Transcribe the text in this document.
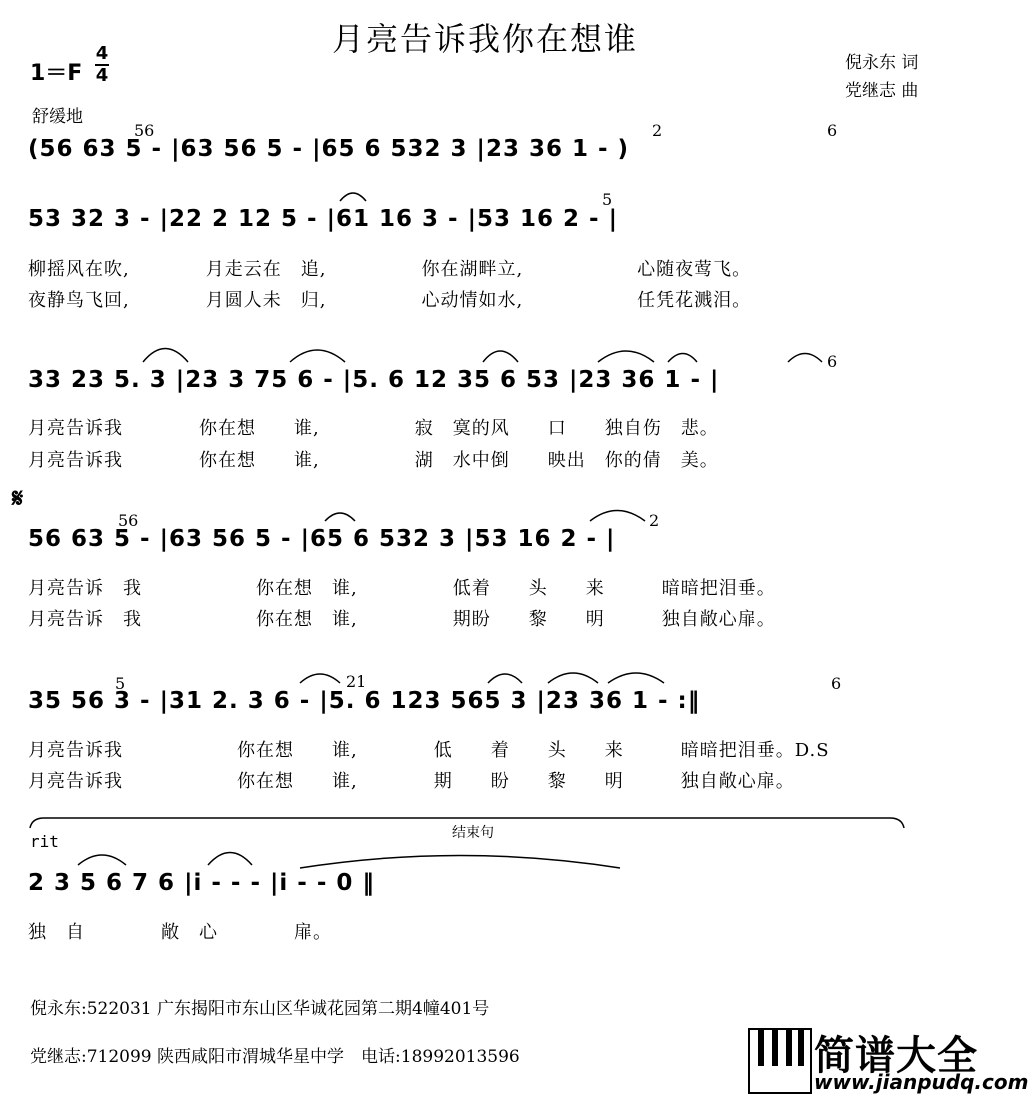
月亮告诉我你在想谁
倪永东 词
党继志 曲
1＝F
4
4
舒缓地
(56 63 5 - |63 56 5 - |65 6 532 3 |23 36 1 - )
53 32 3 - |22 2 12 5 - |61 16 3 - |53 16 2 - |
柳摇风在吹,　　　　月走云在　追,　　　　　你在湖畔立,　　　　　　心随夜莺飞。
夜静鸟飞回,　　　　月圆人未　归,　　　　　心动情如水,　　　　　　任凭花溅泪。
33 23 5. 3 |23 3 75 6 - |5. 6 12 35 6 53 |23 36 1 - |
月亮告诉我　　　　你在想　　谁,　　　　　寂　寞的风　　口　　独自伤　悲。
月亮告诉我　　　　你在想　　谁,　　　　　湖　水中倒　　映出　你的倩　美。
𝄋
56 63 5 - |63 56 5 - |65 6 532 3 |53 16 2 - |
月亮告诉　我　　　　　　你在想　谁,　　　　　低着　　头　　来　　　暗暗把泪垂。
月亮告诉　我　　　　　　你在想　谁,　　　　　期盼　　黎　　明　　　独自敞心扉。
35 56 3 - |31 2. 3 6 - |5. 6 123 565 3 |23 36 1 - :‖
月亮告诉我　　　　　　你在想　　谁,　　　　低　　着　　头　　来　　　暗暗把泪垂。D.S
月亮告诉我　　　　　　你在想　　谁,　　　　期　　盼　　黎　　明　　　独自敞心扉。
56	2	6
5
6
56	2
5	21	6
rit	结束句
2 3 5 6 7 6 |i - - - |i - - 0 ‖
独　自　　　　敞　心　　　　扉。
倪永东:522031 广东揭阳市东山区华诚花园第二期4幢401号
党继志:712099 陕西咸阳市渭城华星中学　电话:18992013596	简谱大全
www.jianpudq.com
